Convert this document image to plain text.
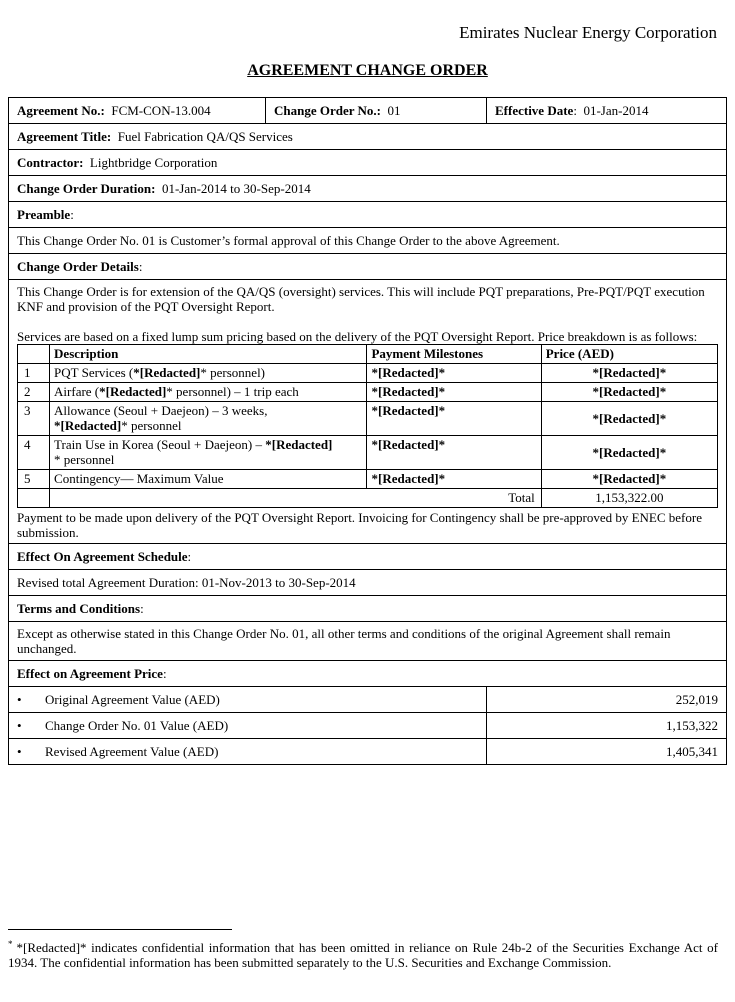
Emirates Nuclear Energy Corporation
AGREEMENT CHANGE ORDER
Agreement No.: FCM-CON-13.004	Change Order No.: 01	Effective Date:  01-Jan-2014
Agreement Title: Fuel Fabrication QA/QS Services
Contractor: Lightbridge Corporation
Change Order Duration: 01-Jan-2014 to 30-Sep-2014
Preamble:
This Change Order No. 01 is Customer’s formal approval of this Change Order to the above Agreement.
Change Order Details:

This Change Order is for extension of the QA/QS (oversight) services. This will include PQT preparations, Pre-PQT/PQT execution KNF and provision of the PQT Oversight Report.

Services are based on a fixed lump sum pricing based on the delivery of the PQT Oversight Report. Price breakdown is as follows:

	Description	Payment Milestones	Price (AED)
1	PQT Services (*[Redacted]* personnel)	*[Redacted]*	*[Redacted]*
2	Airfare (*[Redacted]* personnel) – 1 trip each	*[Redacted]*	*[Redacted]*
3	Allowance (Seoul + Daejeon) – 3 weeks,
*[Redacted]* personnel	*[Redacted]*	*[Redacted]*
4	Train Use in Korea (Seoul + Daejeon) – *[Redacted]
* personnel	*[Redacted]*	*[Redacted]*
5	Contingency— Maximum Value	*[Redacted]*	*[Redacted]*
	Total	1,153,322.00

Payment to be made upon delivery of the PQT Oversight Report. Invoicing for Contingency shall be pre-approved by ENEC before submission.

Effect On Agreement Schedule:
Revised total Agreement Duration: 01-Nov-2013 to 30-Sep-2014
Terms and Conditions:
Except as otherwise stated in this Change Order No. 01, all other terms and conditions of the original Agreement shall remain unchanged.
Effect on Agreement Price:
• Original Agreement Value (AED)	252,019
• Change Order No. 01 Value (AED)	1,153,322
• Revised Agreement Value (AED)	1,405,341
* *[Redacted]* indicates confidential information that has been omitted in reliance on Rule 24b-2 of the Securities Exchange Act of 1934. The confidential information has been submitted separately to the U.S. Securities and Exchange Commission.
